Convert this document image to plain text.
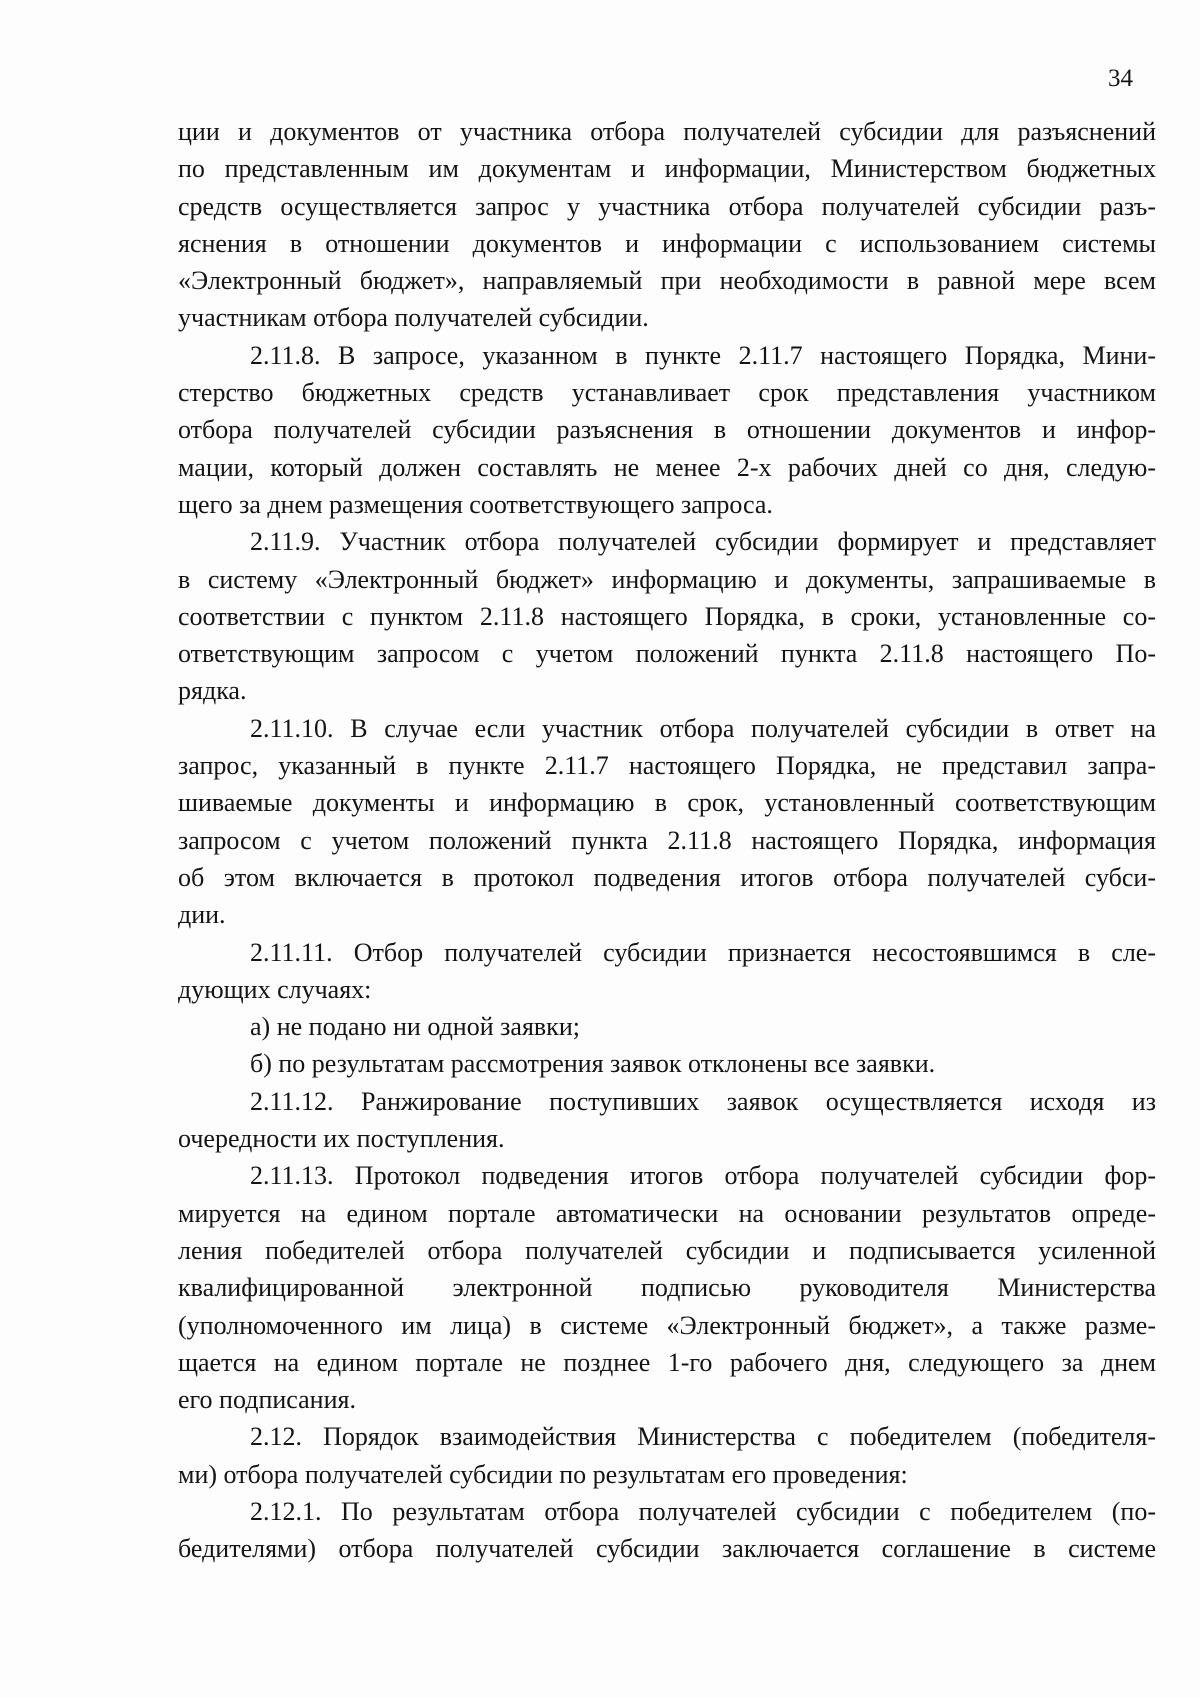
34
ции и документов от участника отбора получателей субсидии для разъяснений
по представленным им документам и информации, Министерством бюджетных
средств осуществляется запрос у участника отбора получателей субсидии разъ-
яснения в отношении документов и информации с использованием системы
«Электронный бюджет», направляемый при необходимости в равной мере всем
участникам отбора получателей субсидии.
2.11.8. В запросе, указанном в пункте 2.11.7 настоящего Порядка, Мини-
стерство бюджетных средств устанавливает срок представления участником
отбора получателей субсидии разъяснения в отношении документов и инфор-
мации, который должен составлять не менее 2-х рабочих дней со дня, следую-
щего за днем размещения соответствующего запроса.
2.11.9. Участник отбора получателей субсидии формирует и представляет
в систему «Электронный бюджет» информацию и документы, запрашиваемые в
соответствии с пунктом 2.11.8 настоящего Порядка, в сроки, установленные со-
ответствующим запросом с учетом положений пункта 2.11.8 настоящего По-
рядка.
2.11.10. В случае если участник отбора получателей субсидии в ответ на
запрос, указанный в пункте 2.11.7 настоящего Порядка, не представил запра-
шиваемые документы и информацию в срок, установленный соответствующим
запросом с учетом положений пункта 2.11.8 настоящего Порядка, информация
об этом включается в протокол подведения итогов отбора получателей субси-
дии.
2.11.11. Отбор получателей субсидии признается несостоявшимся в сле-
дующих случаях:
а) не подано ни одной заявки;
б) по результатам рассмотрения заявок отклонены все заявки.
2.11.12. Ранжирование поступивших заявок осуществляется исходя из
очередности их поступления.
2.11.13. Протокол подведения итогов отбора получателей субсидии фор-
мируется на едином портале автоматически на основании результатов опреде-
ления победителей отбора получателей субсидии и подписывается усиленной
квалифицированной электронной подписью руководителя Министерства
(уполномоченного им лица) в системе «Электронный бюджет», а также разме-
щается на едином портале не позднее 1-го рабочего дня, следующего за днем
его подписания.
2.12. Порядок взаимодействия Министерства с победителем (победителя-
ми) отбора получателей субсидии по результатам его проведения:
2.12.1. По результатам отбора получателей субсидии с победителем (по-
бедителями) отбора получателей субсидии заключается соглашение в системе
